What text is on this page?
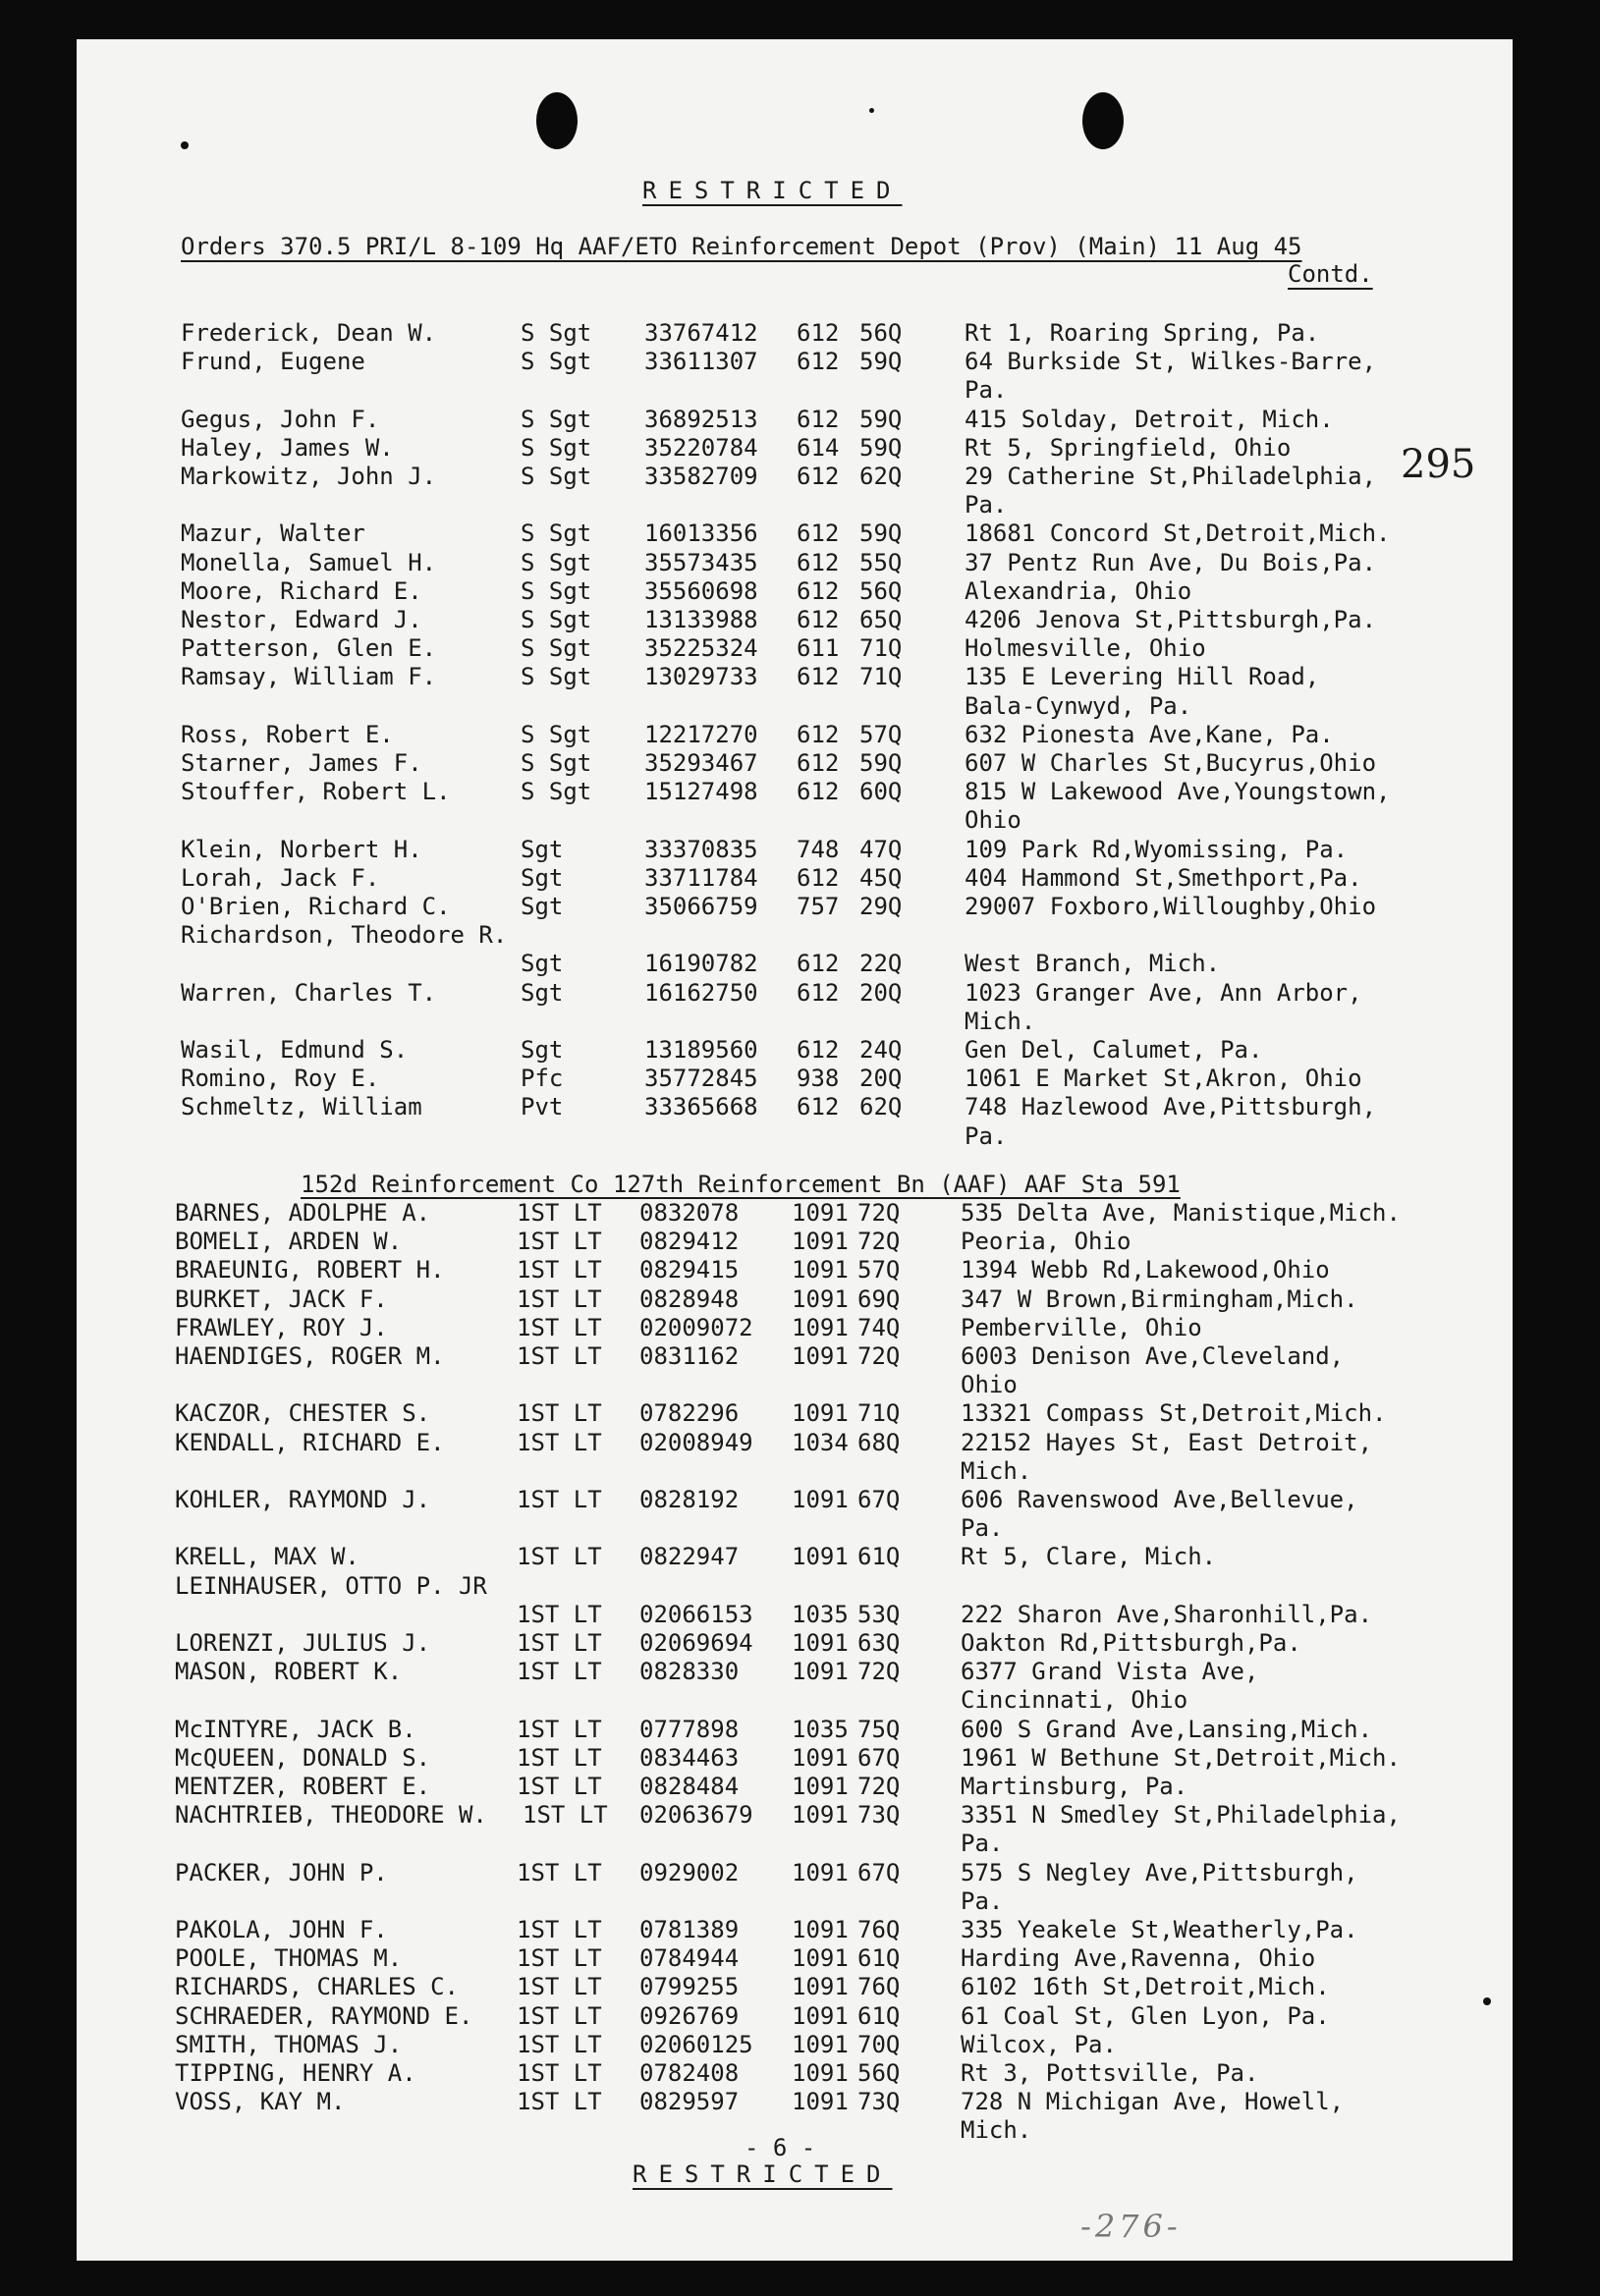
RESTRICTED
Orders 370.5 PRI/L 8-109 Hq AAF/ETO Reinforcement Depot (Prov) (Main) 11 Aug 45
Contd.
295
Frederick, Dean W.	S Sgt 33767412 612 56Q	Rt 1, Roaring Spring, Pa.
Frund, Eugene	S Sgt 33611307 612 59Q	64 Burkside St, Wilkes-Barre,
Pa.
Gegus, John F.	S Sgt 36892513 612 59Q	415 Solday, Detroit, Mich.
Haley, James W.	S Sgt 35220784 614 59Q	Rt 5, Springfield, Ohio
Markowitz, John J.	S Sgt 33582709 612 62Q	29 Catherine St,Philadelphia,
Pa.
Mazur, Walter	S Sgt 16013356 612 59Q	18681 Concord St,Detroit,Mich.
Monella, Samuel H.	S Sgt 35573435 612 55Q	37 Pentz Run Ave, Du Bois,Pa.
Moore, Richard E.	S Sgt 35560698 612 56Q	Alexandria, Ohio
Nestor, Edward J.	S Sgt 13133988 612 65Q	4206 Jenova St,Pittsburgh,Pa.
Patterson, Glen E.	S Sgt 35225324 611 71Q	Holmesville, Ohio
Ramsay, William F.	S Sgt 13029733 612 71Q	135 E Levering Hill Road,
Bala-Cynwyd, Pa.
Ross, Robert E.	S Sgt 12217270 612 57Q	632 Pionesta Ave,Kane, Pa.
Starner, James F.	S Sgt 35293467 612 59Q	607 W Charles St,Bucyrus,Ohio
Stouffer, Robert L.	S Sgt 15127498 612 60Q	815 W Lakewood Ave,Youngstown,
Ohio
Klein, Norbert H.	Sgt	33370835 748 47Q	109 Park Rd,Wyomissing, Pa.
Lorah, Jack F.	Sgt	33711784 612 45Q	404 Hammond St,Smethport,Pa.
O'Brien, Richard C.	Sgt	35066759 757 29Q	29007 Foxboro,Willoughby,Ohio
Richardson, Theodore R.
Sgt	16190782 612 22Q	West Branch, Mich.
Warren, Charles T.	Sgt	16162750 612 20Q	1023 Granger Ave, Ann Arbor,
Mich.
Wasil, Edmund S.	Sgt	13189560 612 24Q	Gen Del, Calumet, Pa.
Romino, Roy E.	Pfc	35772845 938 20Q	1061 E Market St,Akron, Ohio
Schmeltz, William	Pvt	33365668 612 62Q	748 Hazlewood Ave,Pittsburgh,
Pa.
152d Reinforcement Co 127th Reinforcement Bn (AAF) AAF Sta 591
BARNES, ADOLPHE A.	1ST LT 0832078 1091 72Q	535 Delta Ave, Manistique,Mich.
BOMELI, ARDEN W.	1ST LT 0829412 1091 72Q	Peoria, Ohio
BRAEUNIG, ROBERT H.	1ST LT 0829415 1091 57Q	1394 Webb Rd,Lakewood,Ohio
BURKET, JACK F.	1ST LT 0828948 1091 69Q	347 W Brown,Birmingham,Mich.
FRAWLEY, ROY J.	1ST LT 02009072 1091 74Q	Pemberville, Ohio
HAENDIGES, ROGER M.	1ST LT 0831162 1091 72Q	6003 Denison Ave,Cleveland,
Ohio
KACZOR, CHESTER S.	1ST LT 0782296 1091 71Q	13321 Compass St,Detroit,Mich.
KENDALL, RICHARD E.	1ST LT 02008949 1034 68Q	22152 Hayes St, East Detroit,
Mich.
KOHLER, RAYMOND J.	1ST LT 0828192 1091 67Q	606 Ravenswood Ave,Bellevue,
Pa.
KRELL, MAX W.	1ST LT 0822947 1091 61Q	Rt 5, Clare, Mich.
LEINHAUSER, OTTO P. JR
1ST LT 02066153 1035 53Q	222 Sharon Ave,Sharonhill,Pa.
LORENZI, JULIUS J.	1ST LT 02069694 1091 63Q	Oakton Rd,Pittsburgh,Pa.
MASON, ROBERT K.	1ST LT 0828330 1091 72Q	6377 Grand Vista Ave,
Cincinnati, Ohio
McINTYRE, JACK B.	1ST LT 0777898 1035 75Q	600 S Grand Ave,Lansing,Mich.
McQUEEN, DONALD S.	1ST LT 0834463 1091 67Q	1961 W Bethune St,Detroit,Mich.
MENTZER, ROBERT E.	1ST LT 0828484 1091 72Q	Martinsburg, Pa.
NACHTRIEB, THEODORE W. 1ST LT 02063679 1091 73Q	3351 N Smedley St,Philadelphia,
Pa.
PACKER, JOHN P.	1ST LT 0929002 1091 67Q	575 S Negley Ave,Pittsburgh,
Pa.
PAKOLA, JOHN F.	1ST LT 0781389 1091 76Q	335 Yeakele St,Weatherly,Pa.
POOLE, THOMAS M.	1ST LT 0784944 1091 61Q	Harding Ave,Ravenna, Ohio
RICHARDS, CHARLES C. 1ST LT 0799255 1091 76Q	6102 16th St,Detroit,Mich.
SCHRAEDER, RAYMOND E. 1ST LT 0926769 1091 61Q	61 Coal St, Glen Lyon, Pa.
SMITH, THOMAS J.	1ST LT 02060125 1091 70Q	Wilcox, Pa.
TIPPING, HENRY A.	1ST LT 0782408 1091 56Q	Rt 3, Pottsville, Pa.
VOSS, KAY M.	1ST LT 0829597 1091 73Q	728 N Michigan Ave, Howell,
Mich.
- 6 -
RESTRICTED
-276-
